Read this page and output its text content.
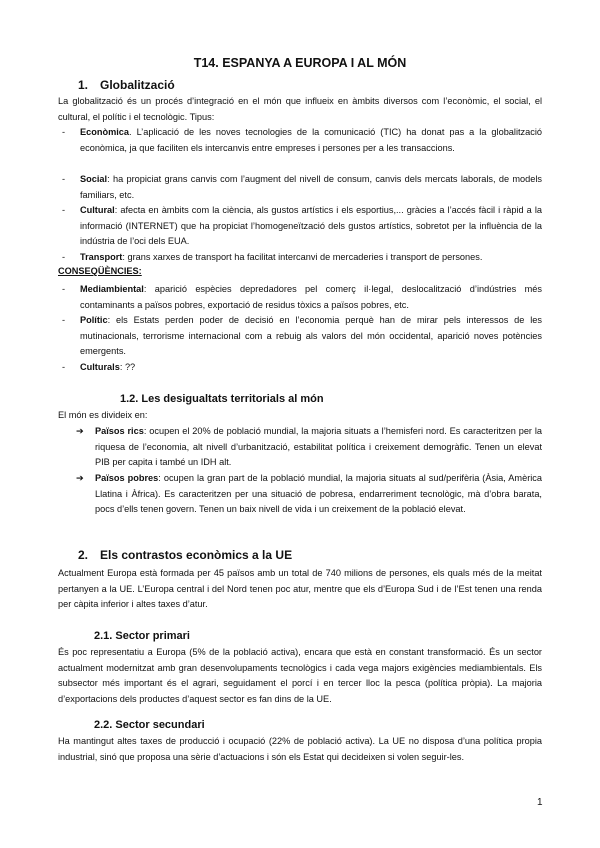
T14. ESPANYA A EUROPA I AL MÓN
1. Globalització
La globalització és un procés d’integració en el món que influeix en àmbits diversos com l’econòmic, el social, el cultural, el polític i el tecnològic. Tipus:
- Econòmica. L’aplicació de les noves tecnologies de la comunicació (TIC) ha donat pas a la globalització econòmica, ja que faciliten els intercanvis entre empreses i persones per a les transaccions.
- Social: ha propiciat grans canvis com l’augment del nivell de consum, canvis dels mercats laborals, de models familiars, etc.
- Cultural: afecta en àmbits com la ciència, als gustos artístics i els esportius,... gràcies a l’accés fàcil i ràpid a la informació (INTERNET) que ha propiciat l’homogeneïtzació dels gustos artístics, sobretot per la influència de la indústria de l’oci dels EUA.
- Transport: grans xarxes de transport ha facilitat intercanvi de mercaderies i transport de persones.
CONSEQÜÈNCIES:
- Mediambiental: aparició espècies depredadores pel comerç il·legal, deslocalització d’indústries més contaminants a països pobres, exportació de residus tòxics a països pobres, etc.
- Polític: els Estats perden poder de decisió en l’economia perquè han de mirar pels interessos de les mutinacionals, terrorisme internacional com a rebuig als valors del món occidental, aparició noves potències emergents.
- Culturals: ??
1.2. Les desigualtats territorials al món
El món es divideix en:
➔ Països rics: ocupen el 20% de població mundial, la majoria situats a l’hemisferi nord. Es caracteritzen per la riquesa de l’economia, alt nivell d’urbanització, estabilitat política i creixement demogràfic. Tenen un elevat PIB per capita i també un IDH alt.
➔ Països pobres: ocupen la gran part de la població mundial, la majoria situats al sud/perifèria (Àsia, Amèrica Llatina i Àfrica). Es caracteritzen per una situació de pobresa, endarreriment tecnològic, mà d’obra barata, pocs d’ells tenen govern. Tenen un baix nivell de vida i un creixement de la població elevat.
2. Els contrastos econòmics a la UE
Actualment Europa està formada per 45 països amb un total de 740 milions de persones, els quals més de la meitat pertanyen a la UE. L’Europa central i del Nord tenen poc atur, mentre que els d’Europa Sud i de l’Est tenen una renda per càpita inferior i altes taxes d’atur.
2.1. Sector primari
És poc representatiu a Europa (5% de la població activa), encara que està en constant transformació. És un sector actualment modernitzat amb gran desenvolupaments tecnològics i cada vega majors exigències mediambientals. Els subsector més important és el agrari, seguidament el porcí i en tercer lloc la pesca (política pròpia). La majoria d’exportacions dels productes d’aquest sector es fan dins de la UE.
2.2. Sector secundari
Ha mantingut altes taxes de producció i ocupació (22% de població activa). La UE no disposa d’una política propia industrial, sinó que proposa una sèrie d’actuacions i són els Estat qui decideixen si volen seguir-les.
1
